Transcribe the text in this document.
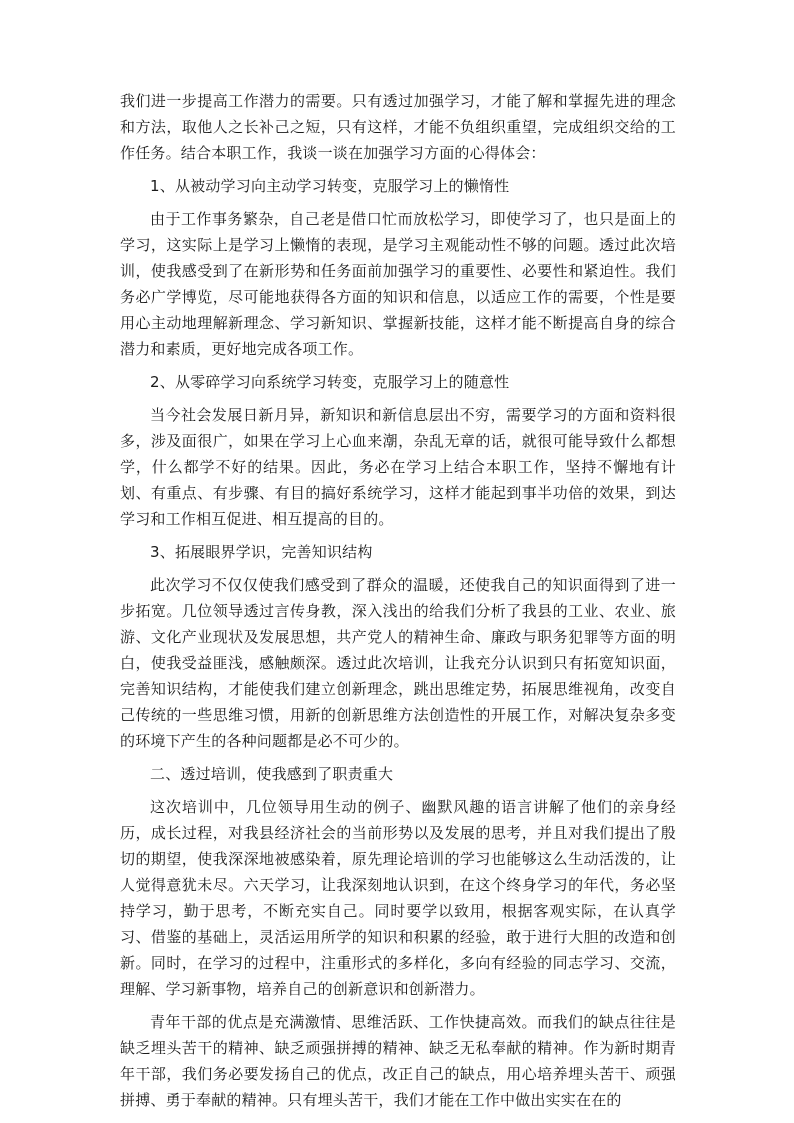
我们进一步提高工作潜力的需要。只有透过加强学习，才能了解和掌握先进的理念和方法，取他人之长补己之短，只有这样，才能不负组织重望，完成组织交给的工作任务。结合本职工作，我谈一谈在加强学习方面的心得体会：

1、从被动学习向主动学习转变，克服学习上的懒惰性

由于工作事务繁杂，自己老是借口忙而放松学习，即使学习了，也只是面上的学习，这实际上是学习上懒惰的表现，是学习主观能动性不够的问题。透过此次培训，使我感受到了在新形势和任务面前加强学习的重要性、必要性和紧迫性。我们务必广学博览，尽可能地获得各方面的知识和信息，以适应工作的需要，个性是要用心主动地理解新理念、学习新知识、掌握新技能，这样才能不断提高自身的综合潜力和素质，更好地完成各项工作。

2、从零碎学习向系统学习转变，克服学习上的随意性

当今社会发展日新月异，新知识和新信息层出不穷，需要学习的方面和资料很多，涉及面很广，如果在学习上心血来潮，杂乱无章的话，就很可能导致什么都想学，什么都学不好的结果。因此，务必在学习上结合本职工作，坚持不懈地有计划、有重点、有步骤、有目的搞好系统学习，这样才能起到事半功倍的效果，到达学习和工作相互促进、相互提高的目的。

3、拓展眼界学识，完善知识结构

此次学习不仅仅使我们感受到了群众的温暖，还使我自己的知识面得到了进一步拓宽。几位领导透过言传身教，深入浅出的给我们分析了我县的工业、农业、旅游、文化产业现状及发展思想，共产党人的精神生命、廉政与职务犯罪等方面的明白，使我受益匪浅，感触颇深。透过此次培训，让我充分认识到只有拓宽知识面，完善知识结构，才能使我们建立创新理念，跳出思维定势，拓展思维视角，改变自己传统的一些思维习惯，用新的创新思维方法创造性的开展工作，对解决复杂多变的环境下产生的各种问题都是必不可少的。

二、透过培训，使我感到了职责重大

这次培训中，几位领导用生动的例子、幽默风趣的语言讲解了他们的亲身经历，成长过程，对我县经济社会的当前形势以及发展的思考，并且对我们提出了殷切的期望，使我深深地被感染着，原先理论培训的学习也能够这么生动活泼的，让人觉得意犹未尽。六天学习，让我深刻地认识到，在这个终身学习的年代，务必坚持学习，勤于思考，不断充实自己。同时要学以致用，根据客观实际，在认真学习、借鉴的基础上，灵活运用所学的知识和积累的经验，敢于进行大胆的改造和创新。同时，在学习的过程中，注重形式的多样化，多向有经验的同志学习、交流，理解、学习新事物，培养自己的创新意识和创新潜力。

青年干部的优点是充满激情、思维活跃、工作快捷高效。而我们的缺点往往是缺乏埋头苦干的精神、缺乏顽强拼搏的精神、缺乏无私奉献的精神。作为新时期青年干部，我们务必要发扬自己的优点，改正自己的缺点，用心培养埋头苦干、顽强拼搏、勇于奉献的精神。只有埋头苦干，我们才能在工作中做出实实在在的
